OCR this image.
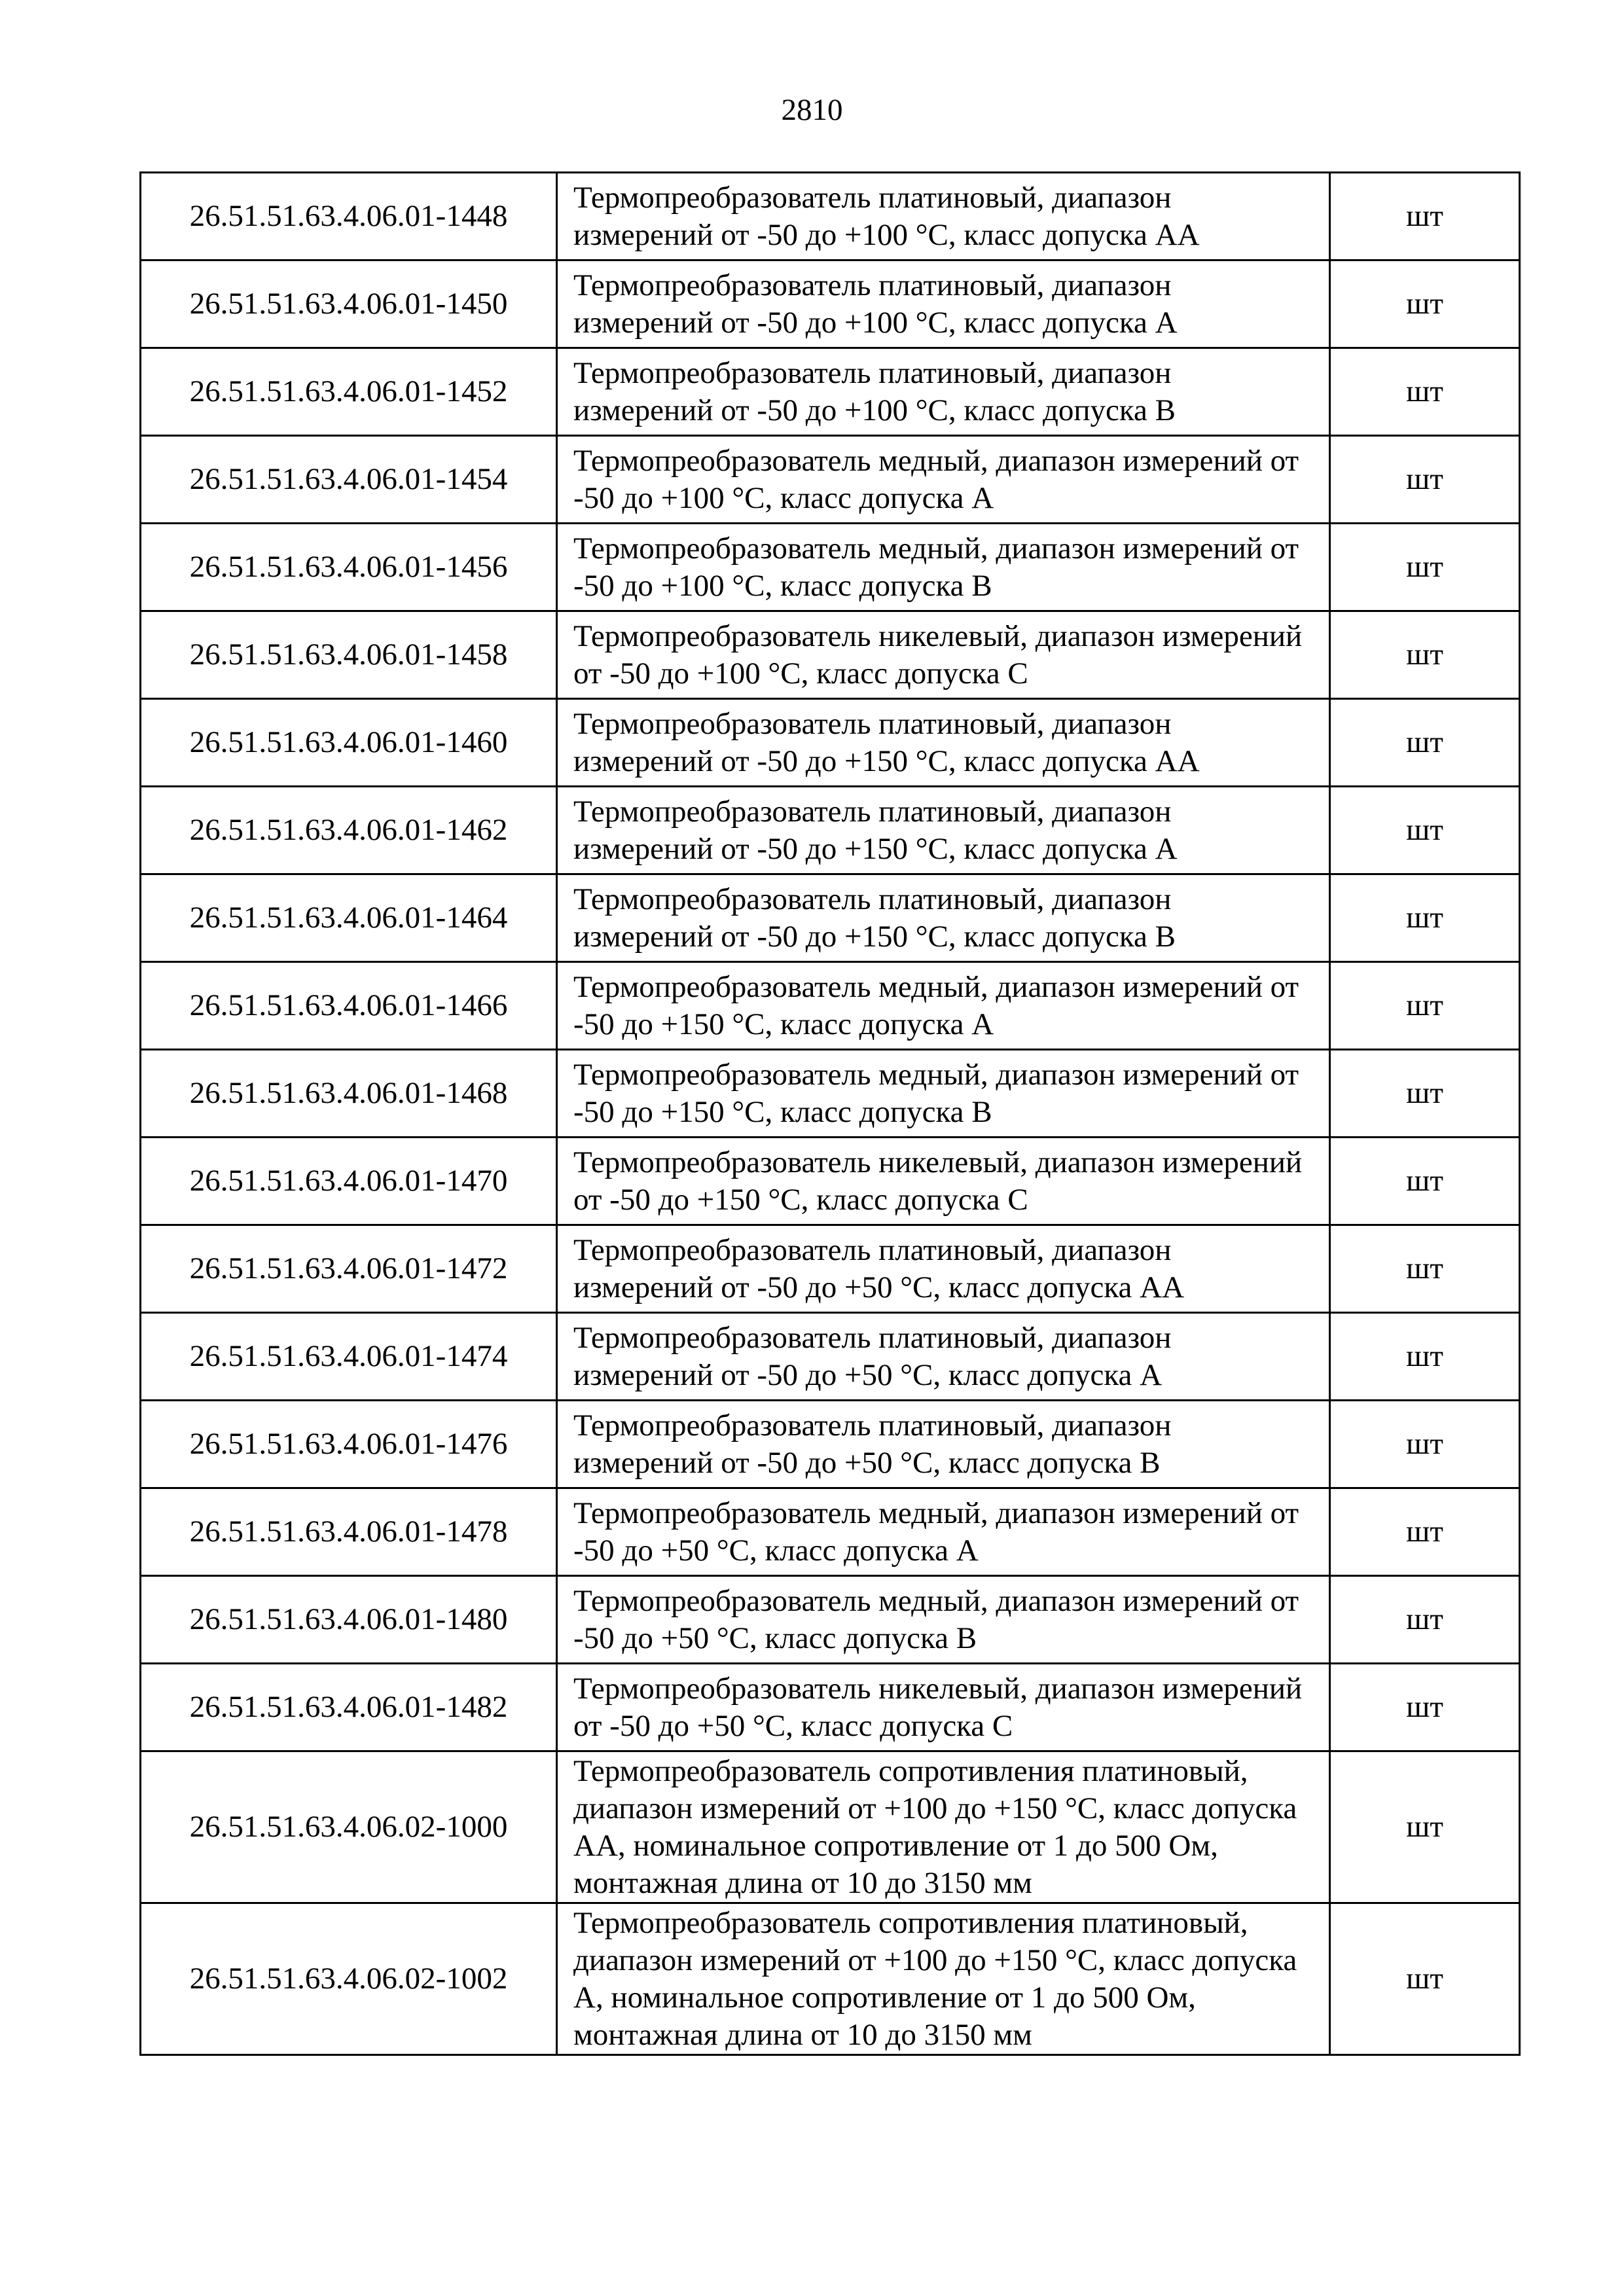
2810
26.51.51.63.4.06.01-1448	Термопреобразователь платиновый, диапазон измерений от -50 до +100 °С, класс допуска АА	шт
26.51.51.63.4.06.01-1450	Термопреобразователь платиновый, диапазон измерений от -50 до +100 °С, класс допуска А	шт
26.51.51.63.4.06.01-1452	Термопреобразователь платиновый, диапазон измерений от -50 до +100 °С, класс допуска В	шт
26.51.51.63.4.06.01-1454	Термопреобразователь медный, диапазон измерений от -50 до +100 °С, класс допуска А	шт
26.51.51.63.4.06.01-1456	Термопреобразователь медный, диапазон измерений от -50 до +100 °С, класс допуска В	шт
26.51.51.63.4.06.01-1458	Термопреобразователь никелевый, диапазон измерений от -50 до +100 °С, класс допуска С	шт
26.51.51.63.4.06.01-1460	Термопреобразователь платиновый, диапазон измерений от -50 до +150 °С, класс допуска АА	шт
26.51.51.63.4.06.01-1462	Термопреобразователь платиновый, диапазон измерений от -50 до +150 °С, класс допуска А	шт
26.51.51.63.4.06.01-1464	Термопреобразователь платиновый, диапазон измерений от -50 до +150 °С, класс допуска В	шт
26.51.51.63.4.06.01-1466	Термопреобразователь медный, диапазон измерений от -50 до +150 °С, класс допуска А	шт
26.51.51.63.4.06.01-1468	Термопреобразователь медный, диапазон измерений от -50 до +150 °С, класс допуска В	шт
26.51.51.63.4.06.01-1470	Термопреобразователь никелевый, диапазон измерений от -50 до +150 °С, класс допуска С	шт
26.51.51.63.4.06.01-1472	Термопреобразователь платиновый, диапазон измерений от -50 до +50 °С, класс допуска АА	шт
26.51.51.63.4.06.01-1474	Термопреобразователь платиновый, диапазон измерений от -50 до +50 °С, класс допуска А	шт
26.51.51.63.4.06.01-1476	Термопреобразователь платиновый, диапазон измерений от -50 до +50 °С, класс допуска В	шт
26.51.51.63.4.06.01-1478	Термопреобразователь медный, диапазон измерений от -50 до +50 °С, класс допуска А	шт
26.51.51.63.4.06.01-1480	Термопреобразователь медный, диапазон измерений от -50 до +50 °С, класс допуска В	шт
26.51.51.63.4.06.01-1482	Термопреобразователь никелевый, диапазон измерений от -50 до +50 °С, класс допуска С	шт
26.51.51.63.4.06.02-1000	Термопреобразователь сопротивления платиновый, диапазон измерений от +100 до +150 °С, класс допуска АА, номинальное сопротивление от 1 до 500 Ом, монтажная длина от 10 до 3150 мм	шт
26.51.51.63.4.06.02-1002	Термопреобразователь сопротивления платиновый, диапазон измерений от +100 до +150 °С, класс допуска А, номинальное сопротивление от 1 до 500 Ом, монтажная длина от 10 до 3150 мм	шт
